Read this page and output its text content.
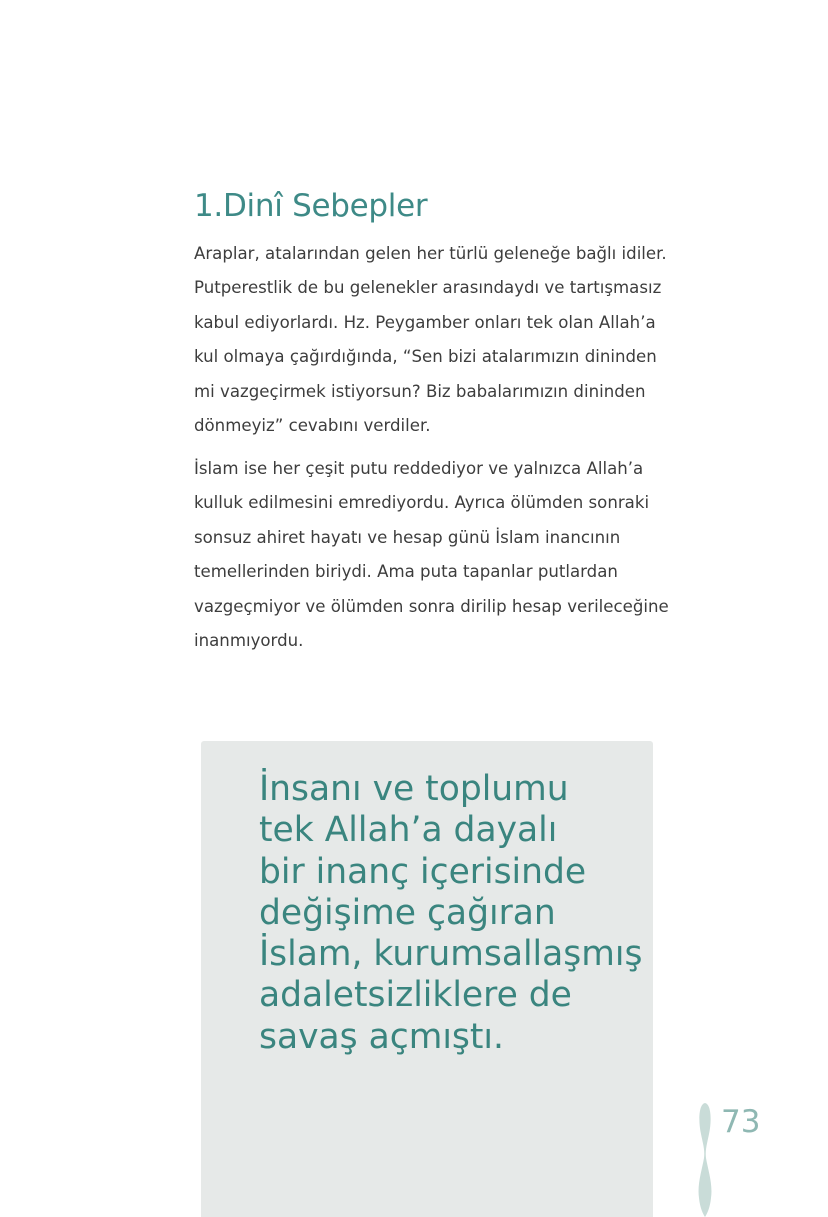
1.Dinî Sebepler

Araplar, atalarından gelen her türlü geleneğe bağlı idiler.
Putperestlik de bu gelenekler arasındaydı ve tartışmasız
kabul ediyorlardı. Hz. Peygamber onları tek olan Allah’a
kul olmaya çağırdığında, “Sen bizi atalarımızın dininden
mi vazgeçirmek istiyorsun? Biz babalarımızın dininden
dönmeyiz” cevabını verdiler.

İslam ise her çeşit putu reddediyor ve yalnızca Allah’a
kulluk edilmesini emrediyordu. Ayrıca ölümden sonraki
sonsuz ahiret hayatı ve hesap günü İslam inancının
temellerinden biriydi. Ama puta tapanlar putlardan
vazgeçmiyor ve ölümden sonra dirilip hesap verileceğine
inanmıyordu.

İnsanı ve toplumu
tek Allah’a dayalı
bir inanç içerisinde
değişime çağıran
İslam, kurumsallaşmış
adaletsizliklere de
savaş açmıştı.

73
